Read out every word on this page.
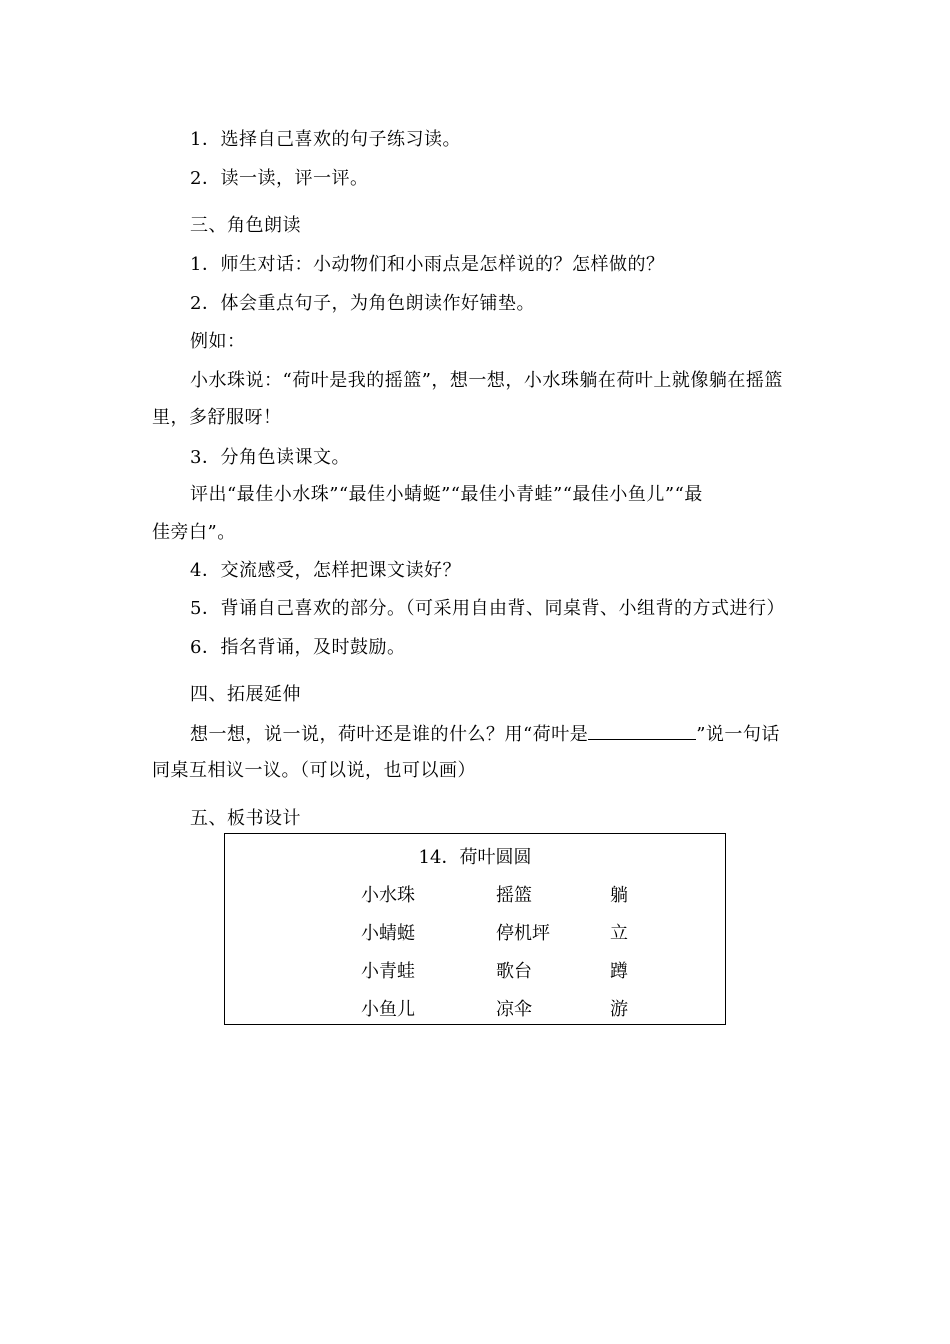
1．选择自己喜欢的句子练习读。
2．读一读，评一评。
三、角色朗读
1．师生对话：小动物们和小雨点是怎样说的？怎样做的？
2．体会重点句子，为角色朗读作好铺垫。
例如：
小水珠说：“荷叶是我的摇篮”，想一想，小水珠躺在荷叶上就像躺在摇篮
里，多舒服呀！
3．分角色读课文。
评出“最佳小水珠”“最佳小蜻蜓”“最佳小青蛙”“最佳小鱼儿”“最
佳旁白”。
4．交流感受，怎样把课文读好？
5．背诵自己喜欢的部分。（可采用自由背、同桌背、小组背的方式进行）
6．指名背诵，及时鼓励。
四、拓展延伸
想一想，说一说，荷叶还是谁的什么？用“荷叶是	”说一句话
同桌互相议一议。（可以说，也可以画）
五、板书设计
14．荷叶圆圆
小水珠	摇篮	躺
小蜻蜓	停机坪	立
小青蛙	歌台	蹲
小鱼儿	凉伞	游
